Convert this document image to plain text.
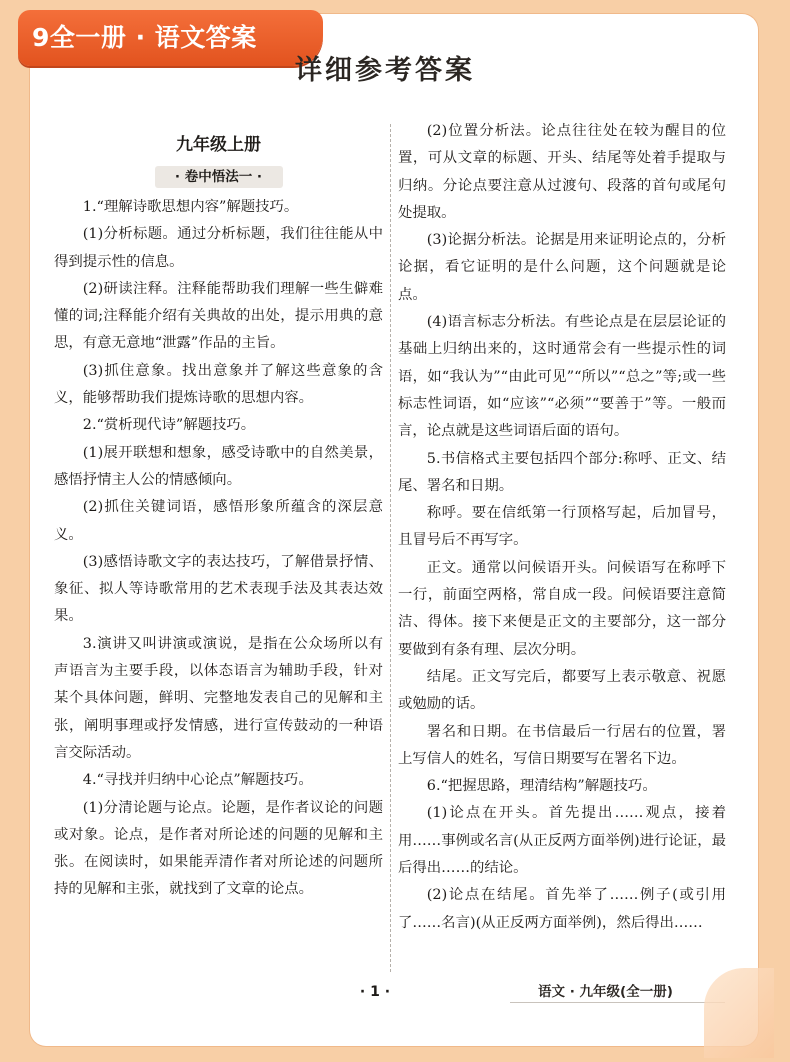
9全一册 · 语文答案
详细参考答案
九年级上册
· 卷中悟法一 ·

1.“理解诗歌思想内容”解题技巧。

(1)分析标题。通过分析标题，我们往往能从中得到提示性的信息。

(2)研读注释。注释能帮助我们理解一些生僻难懂的词;注释能介绍有关典故的出处，提示用典的意思，有意无意地“泄露”作品的主旨。

(3)抓住意象。找出意象并了解这些意象的含义，能够帮助我们提炼诗歌的思想内容。

2.“赏析现代诗”解题技巧。

(1)展开联想和想象，感受诗歌中的自然美景，感悟抒情主人公的情感倾向。

(2)抓住关键词语，感悟形象所蕴含的深层意义。

(3)感悟诗歌文字的表达技巧，了解借景抒情、象征、拟人等诗歌常用的艺术表现手法及其表达效果。

3.演讲又叫讲演或演说，是指在公众场所以有声语言为主要手段，以体态语言为辅助手段，针对某个具体问题，鲜明、完整地发表自己的见解和主张，阐明事理或抒发情感，进行宣传鼓动的一种语言交际活动。

4.“寻找并归纳中心论点”解题技巧。

(1)分清论题与论点。论题，是作者议论的问题或对象。论点，是作者对所论述的问题的见解和主张。在阅读时，如果能弄清作者对所论述的问题所持的见解和主张，就找到了文章的论点。

(2)位置分析法。论点往往处在较为醒目的位置，可从文章的标题、开头、结尾等处着手提取与归纳。分论点要注意从过渡句、段落的首句或尾句处提取。

(3)论据分析法。论据是用来证明论点的，分析论据，看它证明的是什么问题，这个问题就是论点。

(4)语言标志分析法。有些论点是在层层论证的基础上归纳出来的，这时通常会有一些提示性的词语，如“我认为”“由此可见”“所以”“总之”等;或一些标志性词语，如“应该”“必须”“要善于”等。一般而言，论点就是这些词语后面的语句。

5.书信格式主要包括四个部分:称呼、正文、结尾、署名和日期。

称呼。要在信纸第一行顶格写起，后加冒号，且冒号后不再写字。

正文。通常以问候语开头。问候语写在称呼下一行，前面空两格，常自成一段。问候语要注意简洁、得体。接下来便是正文的主要部分，这一部分要做到有条有理、层次分明。

结尾。正文写完后，都要写上表示敬意、祝愿或勉励的话。

署名和日期。在书信最后一行居右的位置，署上写信人的姓名，写信日期要写在署名下边。

6.“把握思路，理清结构”解题技巧。

(1)论点在开头。首先提出……观点，接着用……事例或名言(从正反两方面举例)进行论证，最后得出……的结论。

(2)论点在结尾。首先举了……例子(或引用了……名言)(从正反两方面举例)，然后得出……

· 1 ·	语文 · 九年级(全一册)
